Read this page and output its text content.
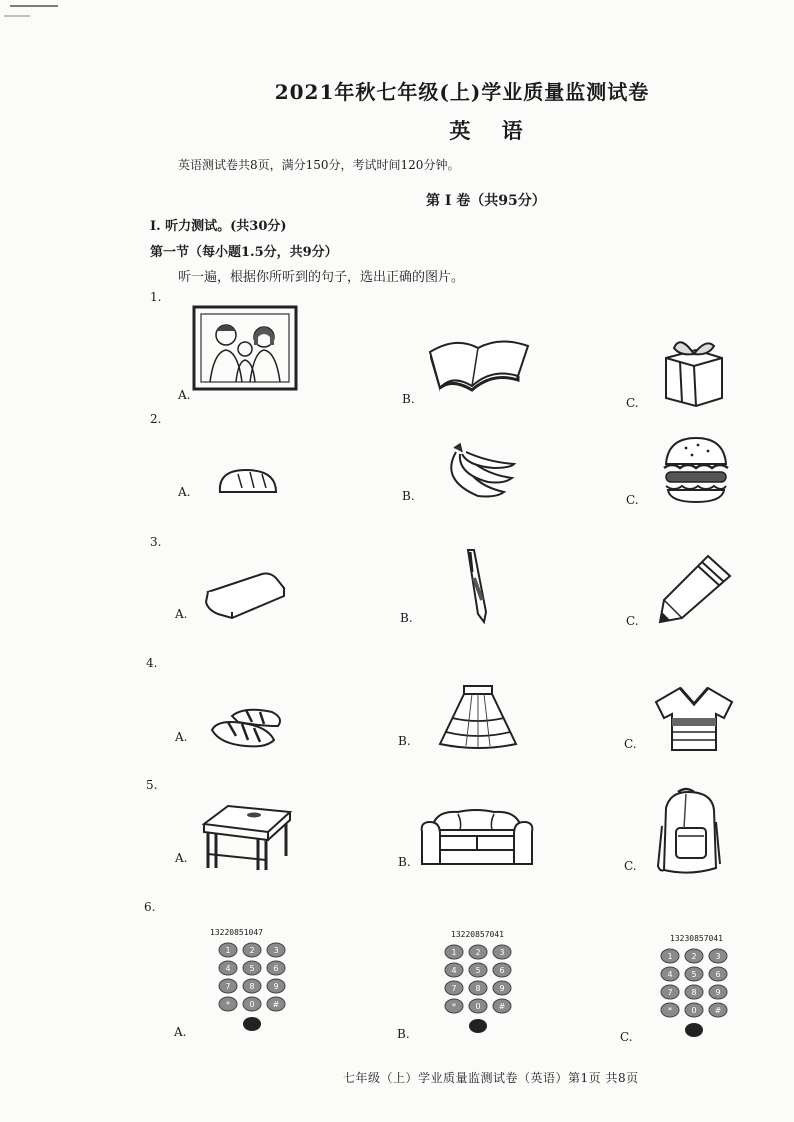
2021年秋七年级(上)学业质量监测试卷
英 语
英语测试卷共8页，满分150分，考试时间120分钟。
第 I 卷（共95分）
Ⅰ. 听力测试。(共30分)
第一节（每小题1.5分，共9分）
听一遍，根据你所听到的句子，选出正确的图片。
1.
A.	B.	C.
2.
A.	B.	C.
3.
A.	B.	C.
4.
A.	B.	C.
5.
A.	B.	C.
6.
A.
13220851047
1 2 3
4 5 6
7 8 9
* 0 #
B.
13220857041
1 2 3
4 5 6
7 8 9
* 0 #
C.
13230857041
1 2 3
4 5 6
7 8 9
* 0 #
七年级（上）学业质量监测试卷（英语）第1页 共8页
